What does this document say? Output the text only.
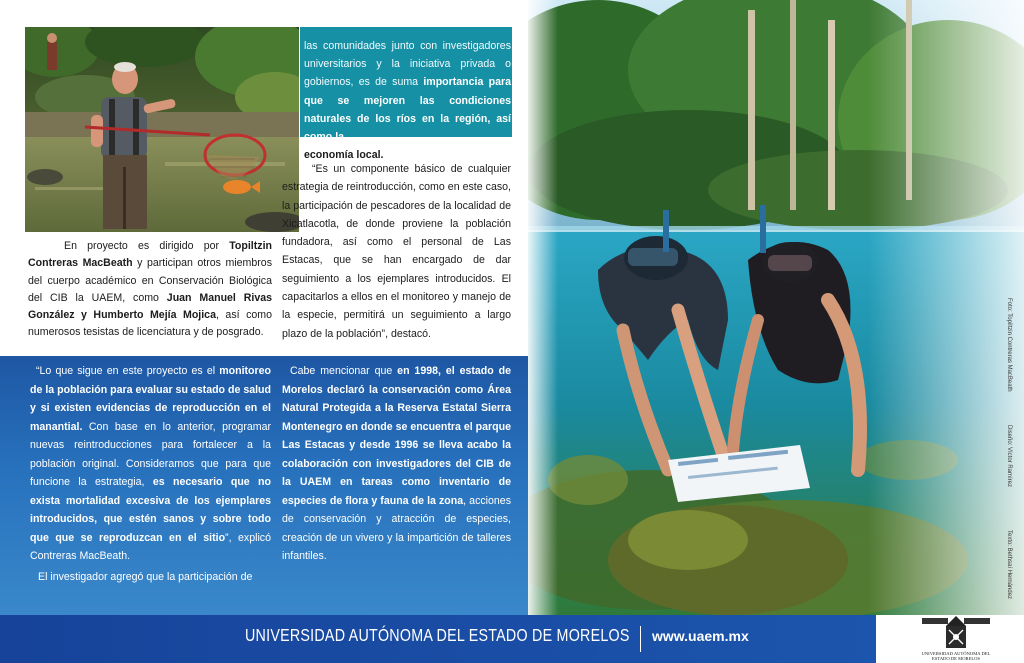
En proyecto es dirigido por Topiltzin Contreras MacBeath y participan otros miembros del cuerpo académico en Conservación Biológica del CIB la UAEM, como Juan Manuel Rivas González y Humberto Mejía Mojica, así como numerosos tesistas de licenciatura y de posgrado.
las comunidades junto con investigadores universitarios y la iniciativa privada o gobiernos, es de suma importancia para que se mejoren las condiciones naturales de los ríos en la región, así como la
economía local.
“Es un componente básico de cualquier estrategia de reintroducción, como en este caso, la participación de pescadores de la localidad de Xicatlacotla, de donde proviene la población fundadora, así como el personal de Las Estacas, que se han encargado de dar seguimiento a los ejemplares introducidos. El capacitarlos a ellos en el monitoreo y manejo de la especie, permitirá un seguimiento a largo plazo de la población”, destacó.
“Lo que sigue en este proyecto es el monitoreo de la población para evaluar su estado de salud y si existen evidencias de reproducción en el manantial. Con base en lo anterior, programar nuevas reintroducciones para fortalecer a la población original. Consideramos que para que funcione la estrategia, es necesario que no exista mortalidad excesiva de los ejemplares introducidos, que estén sanos y sobre todo que que se reproduzcan en el sitio”, explicó Contreras MacBeath.
El investigador agregó que la participación de
Cabe mencionar que en 1998, el estado de Morelos declaró la conservación como Área Natural Protegida a la Reserva Estatal Sierra Montenegro en donde se encuentra el parque Las Estacas y desde 1996 se lleva acabo la colaboración con investigadores del CIB de la UAEM en tareas como inventario de especies de flora y fauna de la zona, acciones de conservación y atracción de especies, creación de un vivero y la impartición de talleres infantiles.
Foto: Topiltzin Contreras MacBeath
Diseño: Víctor Ramírez
Texto: Bethsaí Hernández
UNIVERSIDAD AUTÓNOMA DEL ESTADO DE MORELOS www.uaem.mx
UNIVERSIDAD AUTÓNOMA DEL
ESTADO DE MORELOS
